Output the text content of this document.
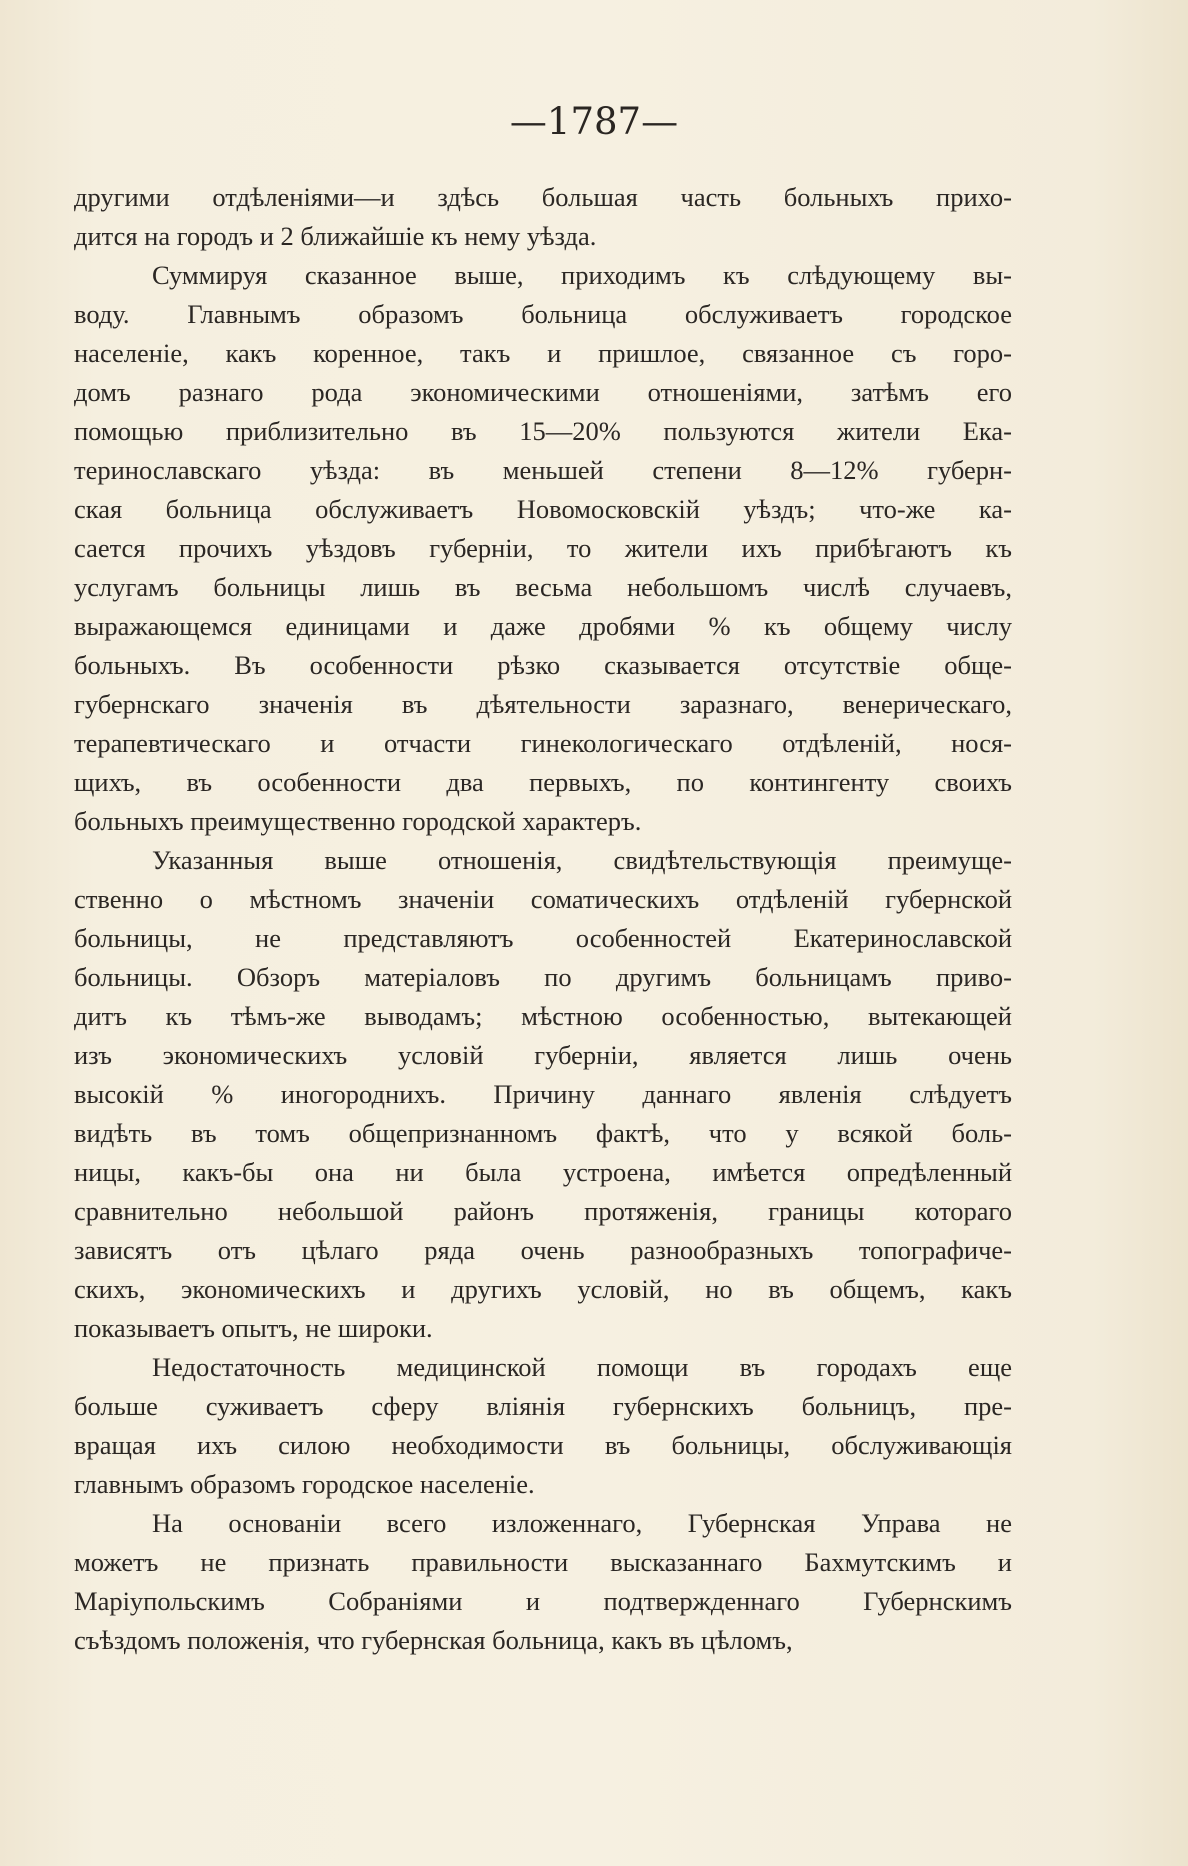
—1787—
другими отдѣленіями—и здѣсь большая часть больныхъ прихо-
дится на городъ и 2 ближайшіе къ нему уѣзда.
Суммируя сказанное выше, приходимъ къ слѣдующему вы-
воду. Главнымъ образомъ больница обслуживаетъ городское
населеніе, какъ коренное, такъ и пришлое, связанное съ горо-
домъ разнаго рода экономическими отношеніями, затѣмъ его
помощью приблизительно въ 15—20% пользуются жители Ека-
теринославскаго уѣзда: въ меньшей степени 8—12% губерн-
ская больница обслуживаетъ Новомосковскій уѣздъ; что-же ка-
сается прочихъ уѣздовъ губерніи, то жители ихъ прибѣгаютъ къ
услугамъ больницы лишь въ весьма небольшомъ числѣ случаевъ,
выражающемся единицами и даже дробями % къ общему числу
больныхъ. Въ особенности рѣзко сказывается отсутствіе обще-
губернскаго значенія въ дѣятельности заразнаго, венерическаго,
терапевтическаго и отчасти гинекологическаго отдѣленій, нося-
щихъ, въ особенности два первыхъ, по контингенту своихъ
больныхъ преимущественно городской характеръ.
Указанныя выше отношенія, свидѣтельствующія преимуще-
ственно о мѣстномъ значеніи соматическихъ отдѣленій губернской
больницы, не представляютъ особенностей Екатеринославской
больницы. Обзоръ матеріаловъ по другимъ больницамъ приво-
дитъ къ тѣмъ-же выводамъ; мѣстною особенностью, вытекающей
изъ экономическихъ условій губерніи, является лишь очень
высокій % иногороднихъ. Причину даннаго явленія слѣдуетъ
видѣть въ томъ общепризнанномъ фактѣ, что у всякой боль-
ницы, какъ-бы она ни была устроена, имѣется опредѣленный
сравнительно небольшой районъ протяженія, границы котораго
зависятъ отъ цѣлаго ряда очень разнообразныхъ топографиче-
скихъ, экономическихъ и другихъ условій, но въ общемъ, какъ
показываетъ опытъ, не широки.
Недостаточность медицинской помощи въ городахъ еще
больше суживаетъ сферу вліянія губернскихъ больницъ, пре-
вращая ихъ силою необходимости въ больницы, обслуживающія
главнымъ образомъ городское населеніе.
На основаніи всего изложеннаго, Губернская Управа не
можетъ не признать правильности высказаннаго Бахмутскимъ и
Маріупольскимъ Собраніями и подтвержденнаго Губернскимъ
съѣздомъ положенія, что губернская больница, какъ въ цѣломъ,
